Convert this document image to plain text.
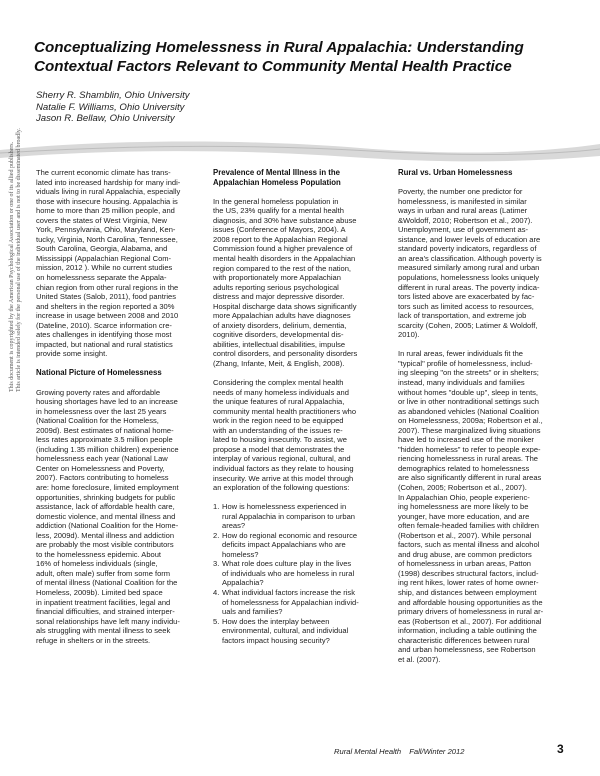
Conceptualizing Homelessness in Rural Appalachia: Understanding
Contextual Factors Relevant to Community Mental Health Practice
Sherry R. Shamblin, Ohio University
Natalie F. Williams, Ohio University
Jason R. Bellaw, Ohio University
This document is copyrighted by the American Psychological Association or one of its allied publishers. This article is intended solely for the personal use of the individual user and is not to be disseminated broadly. The current economic climate has trans-
lated into increased hardship for many indi-
viduals living in rural Appalachia, especially
those with insecure housing. Appalachia is
home to more than 25 million people, and
covers the states of West Virginia, New
York, Pennsylvania, Ohio, Maryland, Ken-
tucky, Virginia, North Carolina, Tennessee,
South Carolina, Georgia, Alabama, and
Mississippi (Appalachian Regional Com-
mission, 2012 ). While no current studies
on homelessness separate the Appala-
chian region from other rural regions in the
United States (Salob, 2011), food pantries
and shelters in the region reported a 30%
increase in usage between 2008 and 2010
(Dateline, 2010). Scarce information cre-
ates challenges in identifying those most
impacted, but national and rural statistics
provide some insight.
National Picture of Homelessness
Growing poverty rates and affordable
housing shortages have led to an increase
in homelessness over the last 25 years
(National Coalition for the Homeless,
2009d). Best estimates of national home-
less rates approximate 3.5 million people
(including 1.35 million children) experience
homelessness each year (National Law
Center on Homelessness and Poverty,
2007). Factors contributing to homeless
are: home foreclosure, limited employment
opportunities, shrinking budgets for public
assistance, lack of affordable health care,
domestic violence, and mental illness and
addiction (National Coalition for the Home-
less, 2009d). Mental illness and addiction
are probably the most visible contributors
to the homelessness epidemic. About
16% of homeless individuals (single,
adult, often male) suffer from some form
of mental illness (National Coalition for the
Homeless, 2009b). Limited bed space
in inpatient treatment facilities, legal and
financial difficulties, and strained interper-
sonal relationships have left many individu-
als struggling with mental illness to seek
refuge in shelters or in the streets.
Prevalence of Mental Illness in the
Appalachian Homeless Population
In the general homeless population in
the US, 23% qualify for a mental health
diagnosis, and 30% have substance abuse
issues (Conference of Mayors, 2004). A
2008 report to the Appalachian Regional
Commission found a higher prevalence of
mental health disorders in the Appalachian
region compared to the rest of the nation,
with proportionately more Appalachian
adults reporting serious psychological
distress and major depressive disorder.
Hospital discharge data shows significantly
more Appalachian adults have diagnoses
of anxiety disorders, delirium, dementia,
cognitive disorders, developmental dis-
abilities, intellectual disabilities, impulse
control disorders, and personality disorders
(Zhang, Infante, Meit, & English, 2008).
Considering the complex mental health
needs of many homeless individuals and
the unique features of rural Appalachia,
community mental health practitioners who
work in the region need to be equipped
with an understanding of the issues re-
lated to housing insecurity. To assist, we
propose a model that demonstrates the
interplay of various regional, cultural, and
individual factors as they relate to housing
insecurity. We arrive at this model through
an exploration of the following questions:
1. How is homelessness experienced in
rural Appalachia in comparison to urban
areas?
2. How do regional economic and resource
deficits impact Appalachians who are
homeless?
3. What role does culture play in the lives
of individuals who are homeless in rural
Appalachia?
4. What individual factors increase the risk
of homelessness for Appalachian individ-
uals and families?
5. How does the interplay between
environmental, cultural, and individual
factors impact housing security?
Rural vs. Urban Homelessness
Poverty, the number one predictor for
homelessness, is manifested in similar
ways in urban and rural areas (Latimer
&Woldoff, 2010; Robertson et al., 2007).
Unemployment, use of government as-
sistance, and lower levels of education are
standard poverty indicators, regardless of
an area's classification. Although poverty is
measured similarly among rural and urban
populations, homelessness looks uniquely
different in rural areas. The poverty indica-
tors listed above are exacerbated by fac-
tors such as limited access to resources,
lack of transportation, and extreme job
scarcity (Cohen, 2005; Latimer & Woldoff,
2010).
In rural areas, fewer individuals fit the
"typical" profile of homelessness, includ-
ing sleeping "on the streets" or in shelters;
instead, many individuals and families
without homes "double up", sleep in tents,
or live in other nontraditional settings such
as abandoned vehicles (National Coalition
on Homelessness, 2009a; Robertson et al.,
2007). These marginalized living situations
have led to increased use of the moniker
"hidden homeless" to refer to people expe-
riencing homelessness in rural areas. The
demographics related to homelessness
are also significantly different in rural areas
(Cohen, 2005; Robertson et al., 2007).
In Appalachian Ohio, people experienc-
ing homelessness are more likely to be
younger, have more education, and are
often female-headed families with children
(Robertson et al., 2007). While personal
factors, such as mental illness and alcohol
and drug abuse, are common predictors
of homelessness in urban areas, Patton
(1998) describes structural factors, includ-
ing rent hikes, lower rates of home owner-
ship, and distances between employment
and affordable housing opportunities as the
primary drivers of homelessness in rural ar-
eas (Robertson et al., 2007). For additional
information, including a table outlining the
characteristic differences between rural
and urban homelessness, see Robertson
et al. (2007).
Rural Mental Health Fall/Winter 2012	3
